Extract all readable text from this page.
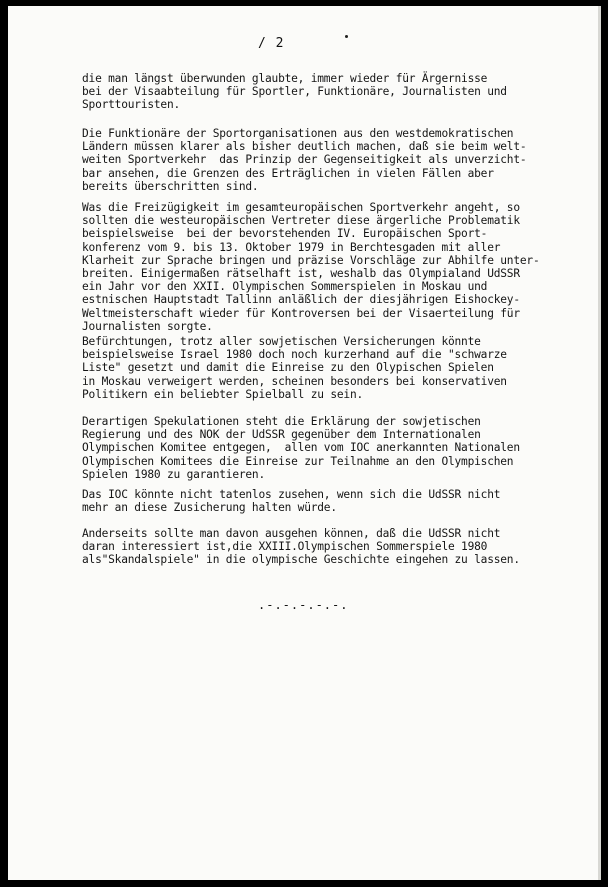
/ 2

die man längst überwunden glaubte, immer wieder für Ärgernisse
bei der Visaabteilung für Sportler, Funktionäre, Journalisten und
Sporttouristen.

Die Funktionäre der Sportorganisationen aus den westdemokratischen
Ländern müssen klarer als bisher deutlich machen, daß sie beim welt-
weiten Sportverkehr  das Prinzip der Gegenseitigkeit als unverzicht-
bar ansehen, die Grenzen des Erträglichen in vielen Fällen aber
bereits überschritten sind.

Was die Freizügigkeit im gesamteuropäischen Sportverkehr angeht, so
sollten die westeuropäischen Vertreter diese ärgerliche Problematik
beispielsweise  bei der bevorstehenden IV. Europäischen Sport-
konferenz vom 9. bis 13. Oktober 1979 in Berchtesgaden mit aller
Klarheit zur Sprache bringen und präzise Vorschläge zur Abhilfe unter-
breiten. Einigermaßen rätselhaft ist, weshalb das Olympialand UdSSR
ein Jahr vor den XXII. Olympischen Sommerspielen in Moskau und
estnischen Hauptstadt Tallinn anläßlich der diesjährigen Eishockey-
Weltmeisterschaft wieder für Kontroversen bei der Visaerteilung für
Journalisten sorgte.

Befürchtungen, trotz aller sowjetischen Versicherungen könnte
beispielsweise Israel 1980 doch noch kurzerhand auf die "schwarze
Liste" gesetzt und damit die Einreise zu den Olypischen Spielen
in Moskau verweigert werden, scheinen besonders bei konservativen
Politikern ein beliebter Spielball zu sein.

Derartigen Spekulationen steht die Erklärung der sowjetischen
Regierung und des NOK der UdSSR gegenüber dem Internationalen
Olympischen Komitee entgegen,  allen vom IOC anerkannten Nationalen
Olympischen Komitees die Einreise zur Teilnahme an den Olympischen
Spielen 1980 zu garantieren.

Das IOC könnte nicht tatenlos zusehen, wenn sich die UdSSR nicht
mehr an diese Zusicherung halten würde.

Anderseits sollte man davon ausgehen können, daß die UdSSR nicht
daran interessiert ist,die XXIII.Olympischen Sommerspiele 1980
als"Skandalspiele" in die olympische Geschichte eingehen zu lassen.

.-.-.-.-.-.
